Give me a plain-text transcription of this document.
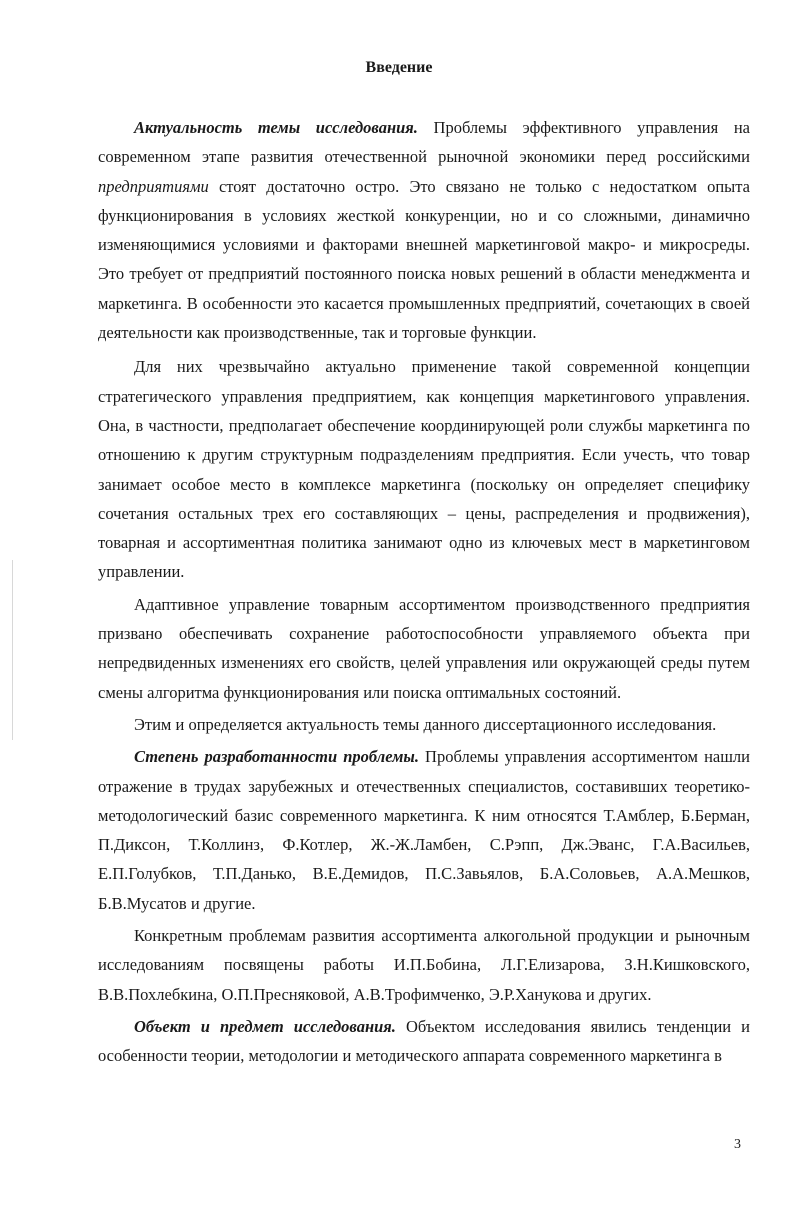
Введение

Актуальность темы исследования. Проблемы эффективного управления на современном этапе развития отечественной рыночной экономики перед российскими предприятиями стоят достаточно остро. Это связано не только с недостатком опыта функционирования в условиях жесткой конкуренции, но и со сложными, динамично изменяющимися условиями и факторами внешней маркетинговой макро- и микросреды. Это требует от предприятий постоянного поиска новых решений в области менеджмента и маркетинга. В особенности это касается промышленных предприятий, сочетающих в своей деятельности как производственные, так и торговые функции.

Для них чрезвычайно актуально применение такой современной концепции стратегического управления предприятием, как концепция маркетингового управления. Она, в частности, предполагает обеспечение координирующей роли службы маркетинга по отношению к другим структурным подразделениям предприятия. Если учесть, что товар занимает особое место в комплексе маркетинга (поскольку он определяет специфику сочетания остальных трех его составляющих – цены, распределения и продвижения), товарная и ассортиментная политика занимают одно из ключевых мест в маркетинговом управлении.

Адаптивное управление товарным ассортиментом производственного предприятия призвано обеспечивать сохранение работоспособности управляемого объекта при непредвиденных изменениях его свойств, целей управления или окружающей среды путем смены алгоритма функционирования или поиска оптимальных состояний.

Этим и определяется актуальность темы данного диссертационного исследования.

Степень разработанности проблемы. Проблемы управления ассортиментом нашли отражение в трудах зарубежных и отечественных специалистов, составивших теоретико-методологический базис современного маркетинга. К ним относятся Т.Амблер, Б.Берман, П.Диксон, Т.Коллинз, Ф.Котлер, Ж.-Ж.Ламбен, С.Рэпп, Дж.Эванс, Г.А.Васильев, Е.П.Голубков, Т.П.Данько, В.Е.Демидов, П.С.Завьялов, Б.А.Соловьев, А.А.Мешков, Б.В.Мусатов и другие.

Конкретным проблемам развития ассортимента алкогольной продукции и рыночным исследованиям посвящены работы И.П.Бобина, Л.Г.Елизарова, З.Н.Кишковского, В.В.Похлебкина, О.П.Пресняковой, А.В.Трофимченко, Э.Р.Ханукова и других.

Объект и предмет исследования. Объектом исследования явились тенденции и особенности теории, методологии и методического аппарата современного маркетинга в

3
